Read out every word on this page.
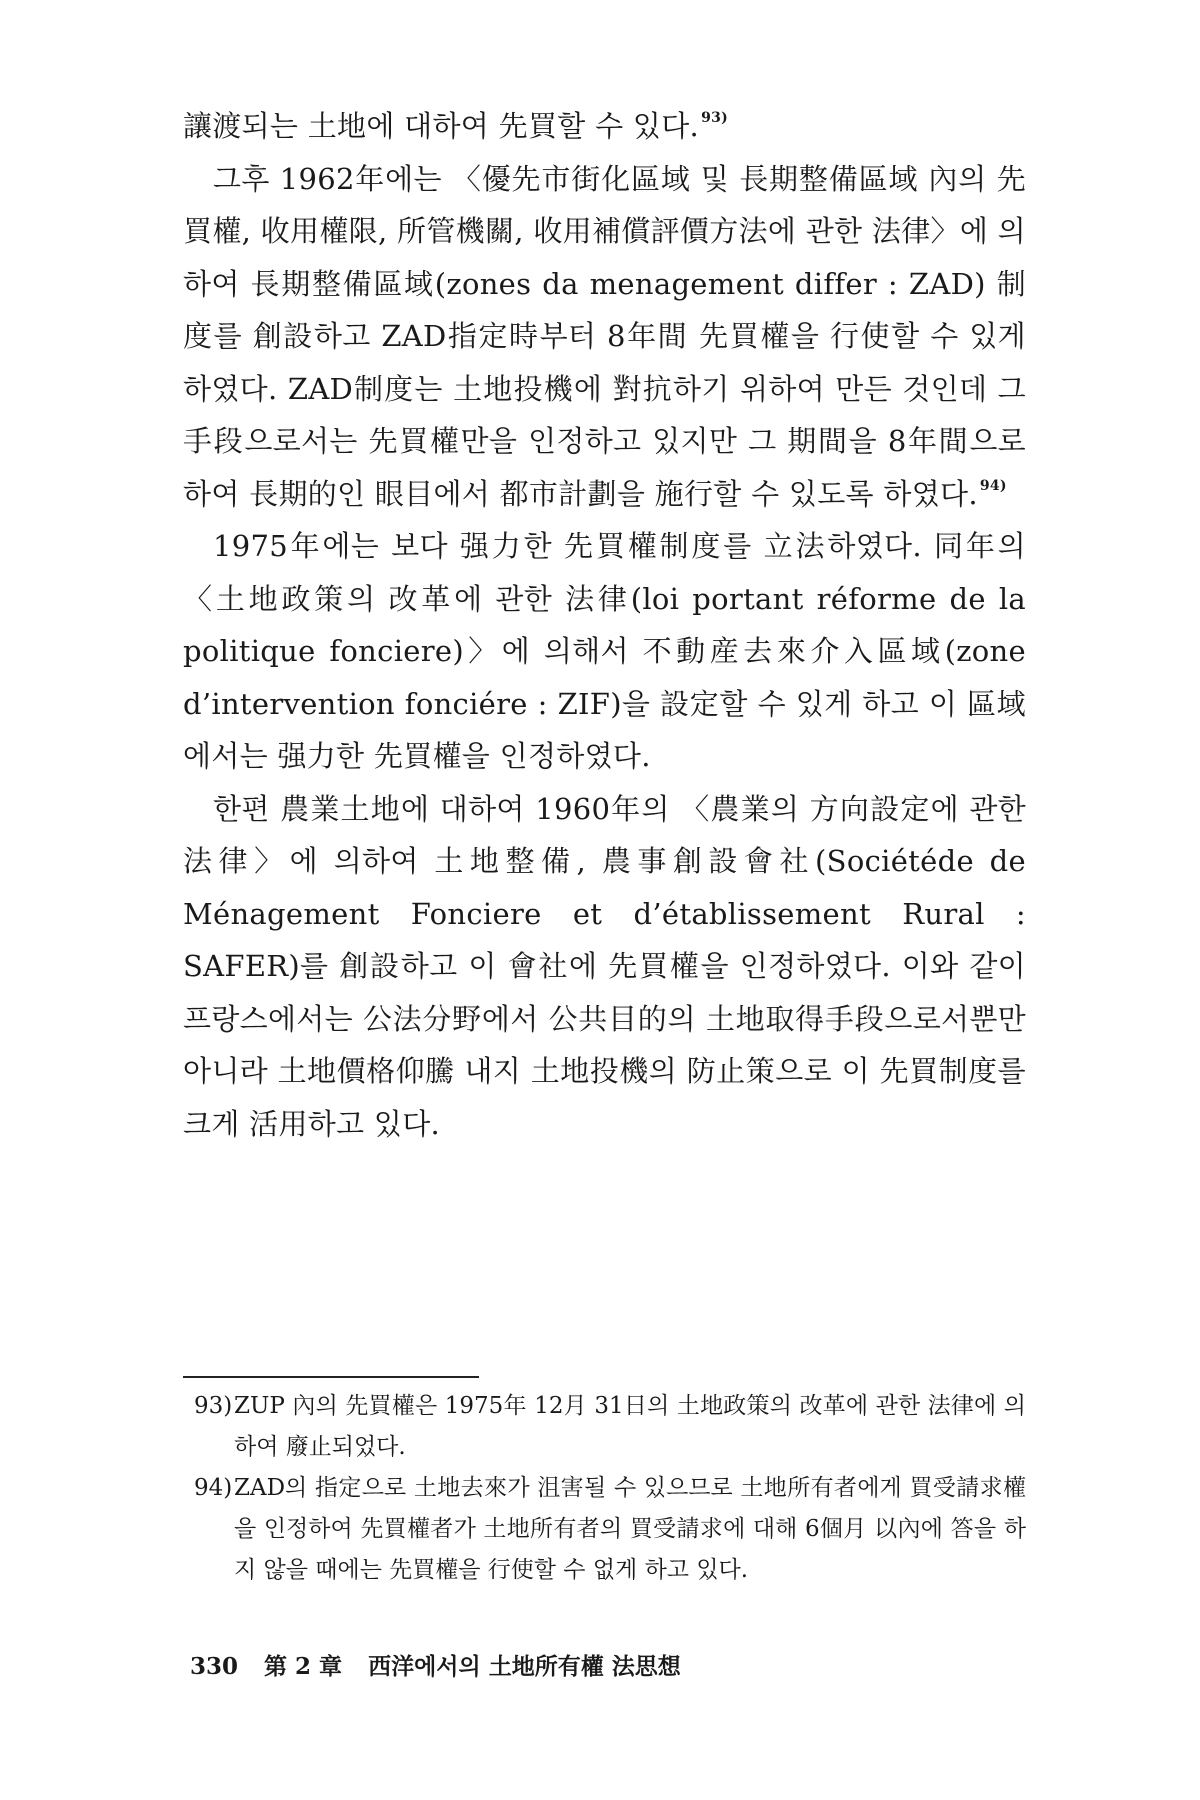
讓渡되는 土地에 대하여 先買할 수 있다. $^{93)}$

그후 1962年에는 〈優先市街化區域 및 長期整備區域 內의 先買權, 收用權限, 所管機關, 收用補償評價方法에 관한 法律〉에 의하여 長期整備區域(zones da menagement differ : ZAD) 制度를 創設하고 ZAD指定時부터 8年間 先買權을 行使할 수 있게 하였다. ZAD制度는 土地投機에 對抗하기 위하여 만든 것인데 그 手段으로서는 先買權만을 인정하고 있지만 그 期間을 8年間으로 하여 長期的인 眼目에서 都市計劃을 施行할 수 있도록 하였다. $^{94)}$

1975年에는 보다 强力한 先買權制度를 立法하였다. 同年의 〈土地政策의 改革에 관한 法律(loi portant réforme de la politique fonciere)〉에 의해서 不動産去來介入區域(zone d’intervention fonciére : ZIF)을 設定할 수 있게 하고 이 區域에서는 强力한 先買權을 인정하였다.

한편 農業土地에 대하여 1960年의 〈農業의 方向設定에 관한 法律〉에 의하여 土地整備, 農事創設會社(Sociétéde de Ménagement Fonciere et d’établissement Rural : SAFER)를 創設하고 이 會社에 先買權을 인정하였다. 이와 같이 프랑스에서는 公法分野에서 公共目的의 土地取得手段으로서뿐만 아니라 土地價格仰騰 내지 土地投機의 防止策으로 이 先買制度를 크게 活用하고 있다.

93) ZUP 內의 先買權은 1975年 12月 31日의 土地政策의 改革에 관한 法律에 의하여 廢止되었다.

94) ZAD의 指定으로 土地去來가 沮害될 수 있으므로 土地所有者에게 買受請求權을 인정하여 先買權者가 土地所有者의 買受請求에 대해 6個月 以內에 答을 하지 않을 때에는 先買權을 行使할 수 없게 하고 있다.

330 第 2 章 西洋에서의 土地所有權 法思想
